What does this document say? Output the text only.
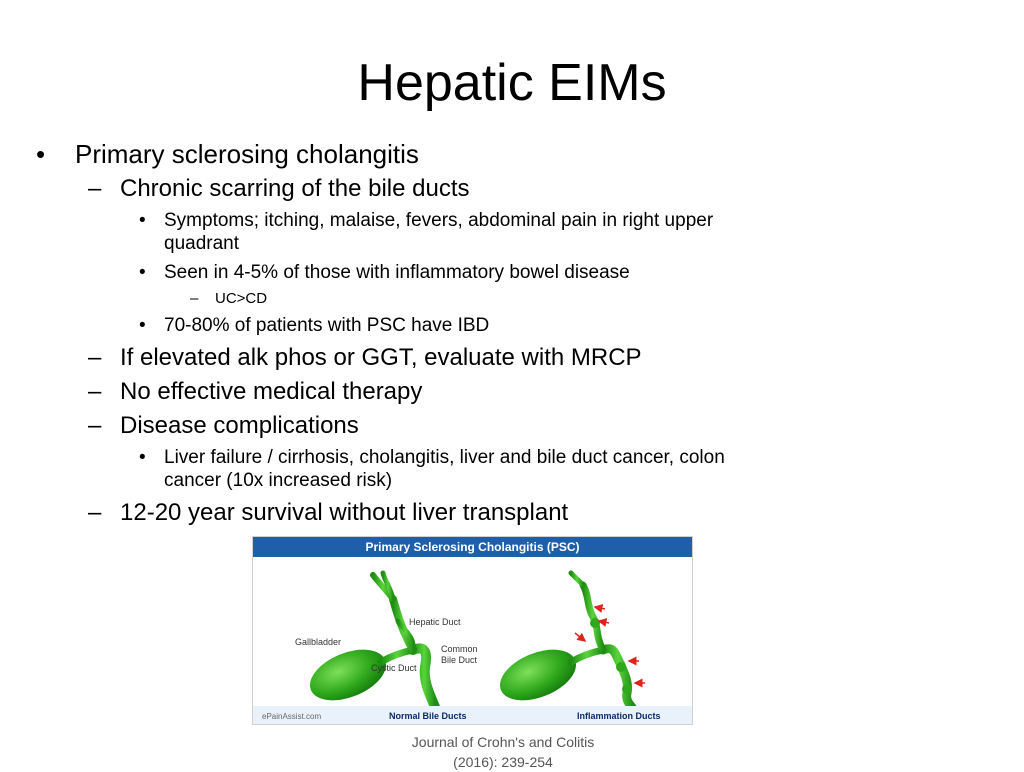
Hepatic EIMs
• Primary sclerosing cholangitis
– Chronic scarring of the bile ducts
• Symptoms; itching, malaise, fevers, abdominal pain in right upper
quadrant
• Seen in 4-5% of those with inflammatory bowel disease
– UC>CD
• 70-80% of patients with PSC have IBD
– If elevated alk phos or GGT, evaluate with MRCP
– No effective medical therapy
– Disease complications
• Liver failure / cirrhosis, cholangitis, liver and bile duct cancer, colon
cancer (10x increased risk)
– 12-20 year survival without liver transplant
Primary Sclerosing Cholangitis (PSC)
Gallbladder
Hepatic Duct
Common
Bile Duct
Cystic Duct
ePainAssist.com	Normal Bile Ducts	Inflammation Ducts
Journal of Crohn's and Colitis
(2016): 239-254
